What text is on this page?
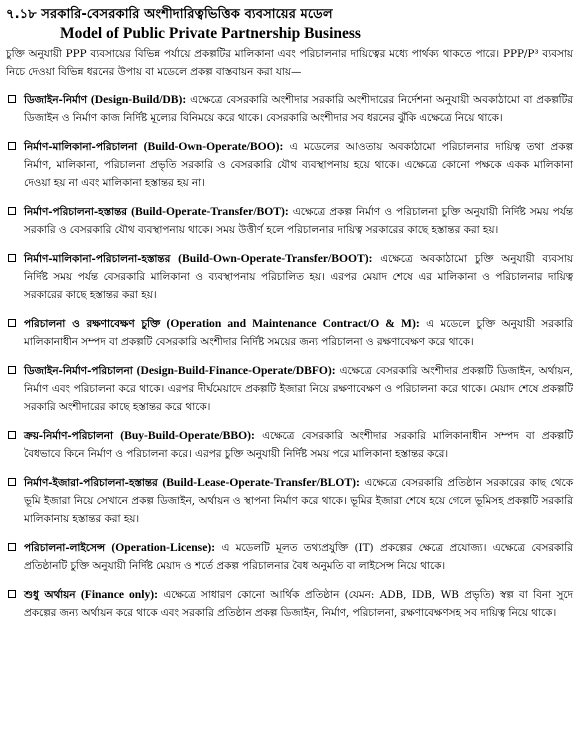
৭.১৮ সরকারি-বেসরকারি অংশীদারিত্বভিত্তিক ব্যবসায়ের মডেল

Model of Public Private Partnership Business

চুক্তি অনুযায়ী PPP ব্যবসায়ের বিভিন্ন পর্যায়ে প্রকল্পটির মালিকানা এবং পরিচালনার দায়িত্বের মধ্যে পার্থক্য থাকতে পারে। PPP/P³ ব্যবসায় নিচে দেওয়া বিভিন্ন ধরনের উপায় বা মডেলে প্রকল্প বাস্তবায়ন করা যায়—

ডিজাইন-নির্মাণ (Design-Build/DB): এক্ষেত্রে বেসরকারি অংশীদার সরকারি অংশীদারের নির্দেশনা অনুযায়ী অবকাঠামো বা প্রকল্পটির ডিজাইন ও নির্মাণ কাজ নির্দিষ্ট মূল্যের বিনিময়ে করে থাকে। বেসরকারি অংশীদার সব ধরনের ঝুঁকি এক্ষেত্রে নিয়ে থাকে।
নির্মাণ-মালিকানা-পরিচালনা (Build-Own-Operate/BOO): এ মডেলের আওতায় অবকাঠামো পরিচালনার দায়িত্ব তথা প্রকল্প নির্মাণ, মালিকানা, পরিচালনা প্রভৃতি সরকারি ও বেসরকারি যৌথ ব্যবস্থাপনায় হয়ে থাকে। এক্ষেত্রে কোনো পক্ষকে একক মালিকানা দেওয়া হয় না এবং মালিকানা হস্তান্তর হয় না।
নির্মাণ-পরিচালনা-হস্তান্তর (Build-Operate-Transfer/BOT): এক্ষেত্রে প্রকল্প নির্মাণ ও পরিচালনা চুক্তি অনুযায়ী নির্দিষ্ট সময় পর্যন্ত সরকারি ও বেসরকারি যৌথ ব্যবস্থাপনায় থাকে। সময় উত্তীর্ণ হলে পরিচালনার দায়িত্ব সরকারের কাছে হস্তান্তর করা হয়।
নির্মাণ-মালিকানা-পরিচালনা-হস্তান্তর (Build-Own-Operate-Transfer/BOOT): এক্ষেত্রে অবকাঠামো চুক্তি অনুযায়ী ব্যবসায় নির্দিষ্ট সময় পর্যন্ত বেসরকারি মালিকানা ও ব্যবস্থাপনায় পরিচালিত হয়। এরপর মেয়াদ শেষে এর মালিকানা ও পরিচালনার দায়িত্ব সরকারের কাছে হস্তান্তর করা হয়।
পরিচালনা ও রক্ষণাবেক্ষণ চুক্তি (Operation and Maintenance Contract/O & M): এ মডেলে চুক্তি অনুযায়ী সরকারি মালিকানাধীন সম্পদ বা প্রকল্পটি বেসরকারি অংশীদার নির্দিষ্ট সময়ের জন্য পরিচালনা ও রক্ষণাবেক্ষণ করে থাকে।
ডিজাইন-নির্মাণ-পরিচালনা (Design-Build-Finance-Operate/DBFO): এক্ষেত্রে বেসরকারি অংশীদার প্রকল্পটি ডিজাইন, অর্থায়ন, নির্মাণ এবং পরিচালনা করে থাকে। এরপর দীর্ঘমেয়াদে প্রকল্পটি ইজারা নিয়ে রক্ষণাবেক্ষণ ও পরিচালনা করে থাকে। মেয়াদ শেষে প্রকল্পটি সরকারি অংশীদারের কাছে হস্তান্তর করে থাকে।
ক্রয়-নির্মাণ-পরিচালনা (Buy-Build-Operate/BBO): এক্ষেত্রে বেসরকারি অংশীদার সরকারি মালিকানাধীন সম্পদ বা প্রকল্পটি বৈধভাবে কিনে নির্মাণ ও পরিচালনা করে। এরপর চুক্তি অনুযায়ী নির্দিষ্ট সময় পরে মালিকানা হস্তান্তর করে।
নির্মাণ-ইজারা-পরিচালনা-হস্তান্তর (Build-Lease-Operate-Transfer/BLOT): এক্ষেত্রে বেসরকারি প্রতিষ্ঠান সরকারের কাছ থেকে ভূমি ইজারা নিয়ে সেখানে প্রকল্প ডিজাইন, অর্থায়ন ও স্থাপনা নির্মাণ করে থাকে। ভূমির ইজারা শেষে হয়ে গেলে ভূমিসহ প্রকল্পটি সরকারি মালিকানায় হস্তান্তর করা হয়।
পরিচালনা-লাইসেন্স (Operation-License): এ মডেলটি মূলত তথ্যপ্রযুক্তি (IT) প্রকল্পের ক্ষেত্রে প্রযোজ্য। এক্ষেত্রে বেসরকারি প্রতিষ্ঠানটি চুক্তি অনুযায়ী নির্দিষ্ট মেয়াদ ও শর্তে প্রকল্প পরিচালনার বৈধ অনুমতি বা লাইসেন্স নিয়ে থাকে।
শুধু অর্থায়ন (Finance only): এক্ষেত্রে সাধারণ কোনো আর্থিক প্রতিষ্ঠান (যেমন: ADB, IDB, WB প্রভৃতি) স্বল্প বা বিনা সুদে প্রকল্পের জন্য অর্থায়ন করে থাকে এবং সরকারি প্রতিষ্ঠান প্রকল্প ডিজাইন, নির্মাণ, পরিচালনা, রক্ষণাবেক্ষণসহ সব দায়িত্ব নিয়ে থাকে।
